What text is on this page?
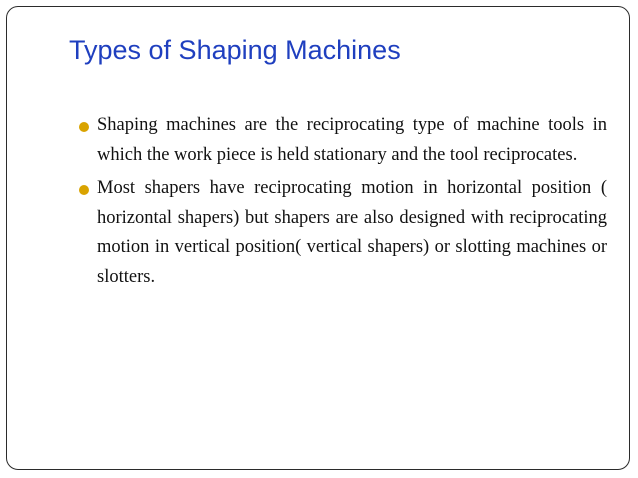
Types of Shaping Machines
Shaping machines are the reciprocating type of machine tools in which the work piece is held stationary and the tool reciprocates.
Most shapers have reciprocating motion in horizontal position ( horizontal shapers) but shapers are also designed with reciprocating motion in vertical position( vertical shapers) or slotting machines or slotters.
